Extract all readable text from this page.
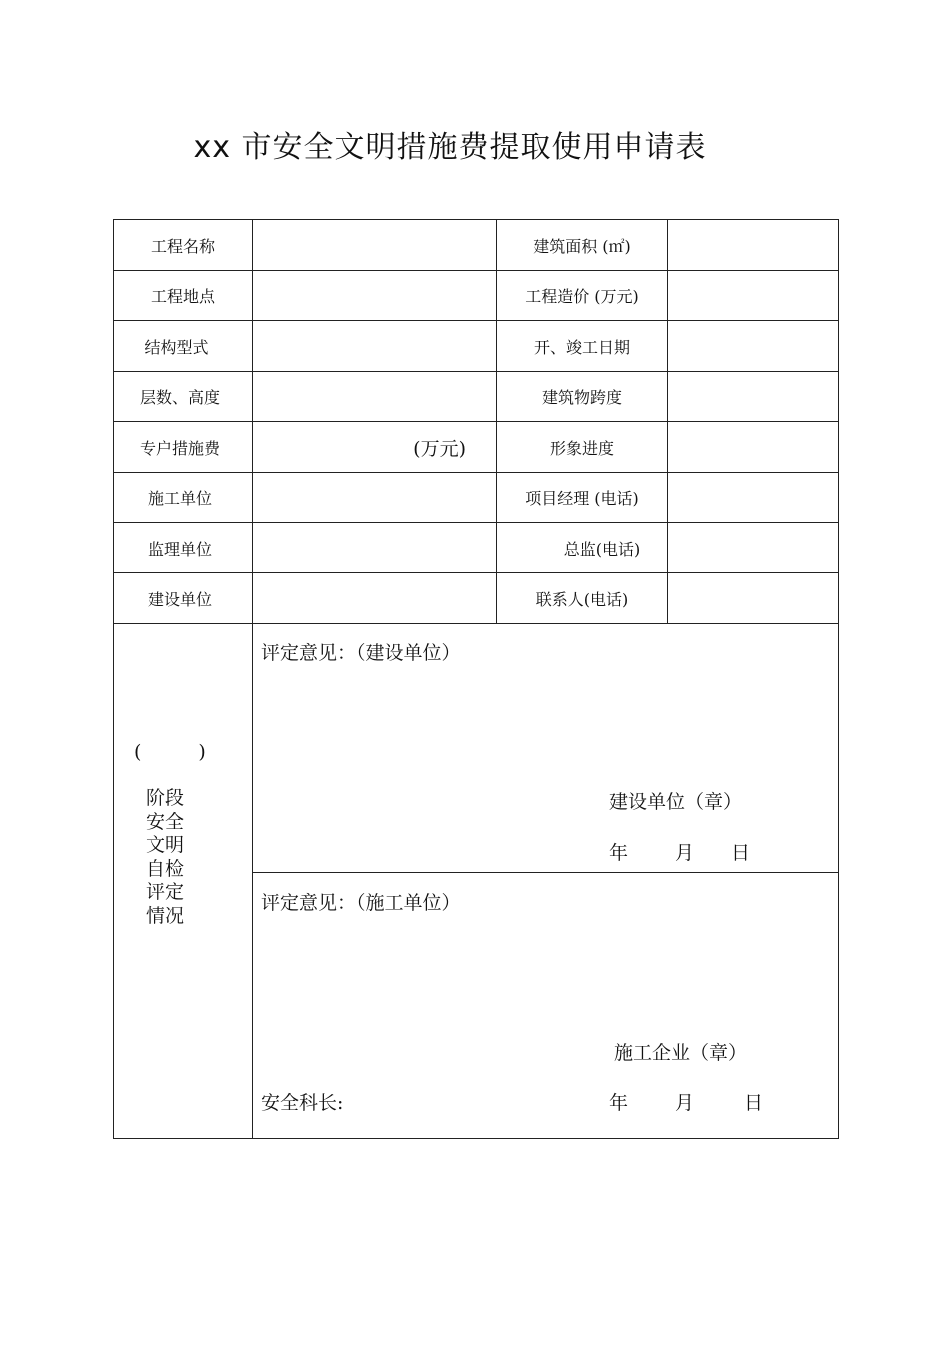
xx 市安全文明措施费提取使用申请表
工程名称	建筑面积 (㎡)
工程地点	工程造价 (万元)
结构型式	开、竣工日期
层数、高度	建筑物跨度
专户措施费	(万元)	形象进度
施工单位	项目经理 (电话)
监理单位	总监(电话)
建设单位	联系人(电话)
(　　　)
阶段
安全
文明
自检
评定
情况
评定意见：（建设单位）
建设单位（章）
年 月 日
评定意见：（施工单位）
施工企业（章）
安全科长:	年 月	日
